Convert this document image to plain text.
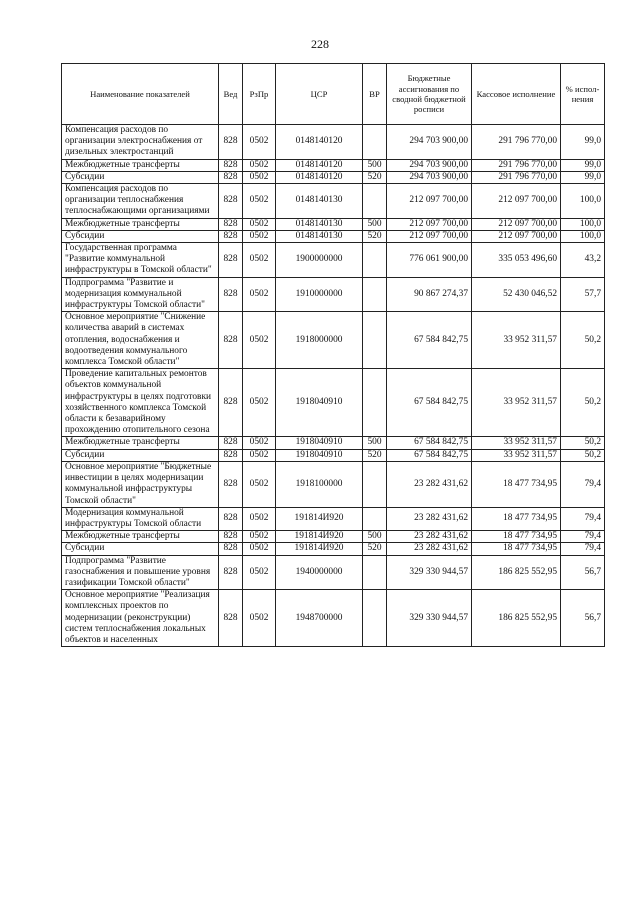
228
Наименование показателей	Вед	РзПр	ЦСР	ВР	Бюджетные ассигнования по сводной бюджетной росписи	Кассовое исполнение	% испол-нения
Компенсация расходов по организации электроснабжения от дизельных электростанций	828	0502	0148140120		294 703 900,00	291 796 770,00	99,0
Межбюджетные трансферты	828	0502	0148140120	500	294 703 900,00	291 796 770,00	99,0
Субсидии	828	0502	0148140120	520	294 703 900,00	291 796 770,00	99,0
Компенсация расходов по организации теплоснабжения теплоснабжающими организациями	828	0502	0148140130		212 097 700,00	212 097 700,00	100,0
Межбюджетные трансферты	828	0502	0148140130	500	212 097 700,00	212 097 700,00	100,0
Субсидии	828	0502	0148140130	520	212 097 700,00	212 097 700,00	100,0
Государственная программа "Развитие коммунальной инфраструктуры в Томской области"	828	0502	1900000000		776 061 900,00	335 053 496,60	43,2
Подпрограмма "Развитие и модернизация коммунальной инфраструктуры Томской области"	828	0502	1910000000		90 867 274,37	52 430 046,52	57,7
Основное мероприятие "Снижение количества аварий в системах отопления, водоснабжения и водоотведения коммунального комплекса Томской области"	828	0502	1918000000		67 584 842,75	33 952 311,57	50,2
Проведение капитальных ремонтов объектов коммунальной инфраструктуры в целях подготовки хозяйственного комплекса Томской области к безаварийному прохождению отопительного сезона	828	0502	1918040910		67 584 842,75	33 952 311,57	50,2
Межбюджетные трансферты	828	0502	1918040910	500	67 584 842,75	33 952 311,57	50,2
Субсидии	828	0502	1918040910	520	67 584 842,75	33 952 311,57	50,2
Основное мероприятие "Бюджетные инвестиции в целях модернизации коммунальной инфраструктуры Томской области"	828	0502	1918100000		23 282 431,62	18 477 734,95	79,4
Модернизация коммунальной инфраструктуры Томской области	828	0502	191814И920		23 282 431,62	18 477 734,95	79,4
Межбюджетные трансферты	828	0502	191814И920	500	23 282 431,62	18 477 734,95	79,4
Субсидии	828	0502	191814И920	520	23 282 431,62	18 477 734,95	79,4
Подпрограмма "Развитие газоснабжения и повышение уровня газификации Томской области"	828	0502	1940000000		329 330 944,57	186 825 552,95	56,7
Основное мероприятие "Реализация комплексных проектов по модернизации (реконструкции) систем теплоснабжения локальных объектов и населенных	828	0502	1948700000		329 330 944,57	186 825 552,95	56,7
